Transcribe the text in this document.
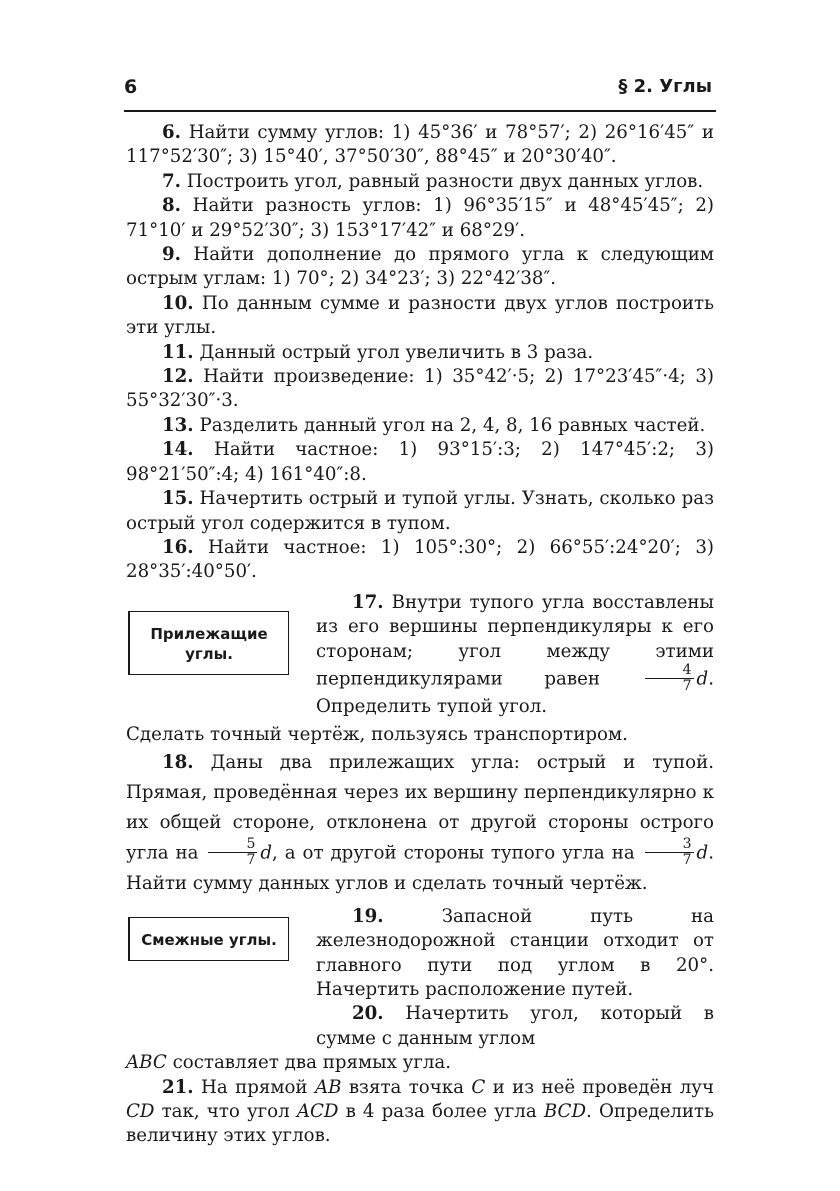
6	§ 2. Углы

6. Найти сумму углов: 1) 45°36′ и 78°57′; 2) 26°16′45″ и 117°52′30″; 3) 15°40′, 37°50′30″, 88°45″ и 20°30′40″.

7. Построить угол, равный разности двух данных углов.

8. Найти разность углов: 1) 96°35′15″ и 48°45′45″; 2) 71°10′ и 29°52′30″; 3) 153°17′42″ и 68°29′.

9. Найти дополнение до прямого угла к следующим острым углам: 1) 70°; 2) 34°23′; 3) 22°42′38″.

10. По данным сумме и разности двух углов построить эти углы.

11. Данный острый угол увеличить в 3 раза.

12. Найти произведение: 1) 35°42′·5; 2) 17°23′45″·4; 3) 55°32′30″·3.

13. Разделить данный угол на 2, 4, 8, 16 равных частей.

14. Найти частное: 1) 93°15′:3; 2) 147°45′:2; 3) 98°21′50″:4; 4) 161°40″:8.

15. Начертить острый и тупой углы. Узнать, сколько раз острый угол содержится в тупом.

16. Найти частное: 1) 105°:30°; 2) 66°55′:24°20′; 3) 28°35′:40°50′.

Прилежащие углы.

17. Внутри тупого угла восставлены из его вершины перпендикуляры к его сторонам; угол между этими перпендикулярами равен	$\frac{4}{7} d$. Определить тупой угол.

Сделать точный чертёж, пользуясь транспортиром.

18. Даны два прилежащих угла: острый и тупой. Прямая, проведённая через их вершину перпендикулярно к их общей стороне, отклонена от другой стороны острого угла на $\frac{5}{7} d$, а от другой стороны тупого угла на $\frac{3}{7} d$. Найти сумму данных углов и сделать точный чертёж.

Смежные углы.

19.	Запасной путь на железнодорожной станции отходит от главного пути под углом в 20°. Начертить расположение путей.

20. Начертить угол, который в сумме с данным углом

ABC составляет два прямых угла.

21. На прямой AB взята точка C и из неё проведён луч CD так, что угол ACD в 4 раза более угла BCD. Определить величину этих углов.
